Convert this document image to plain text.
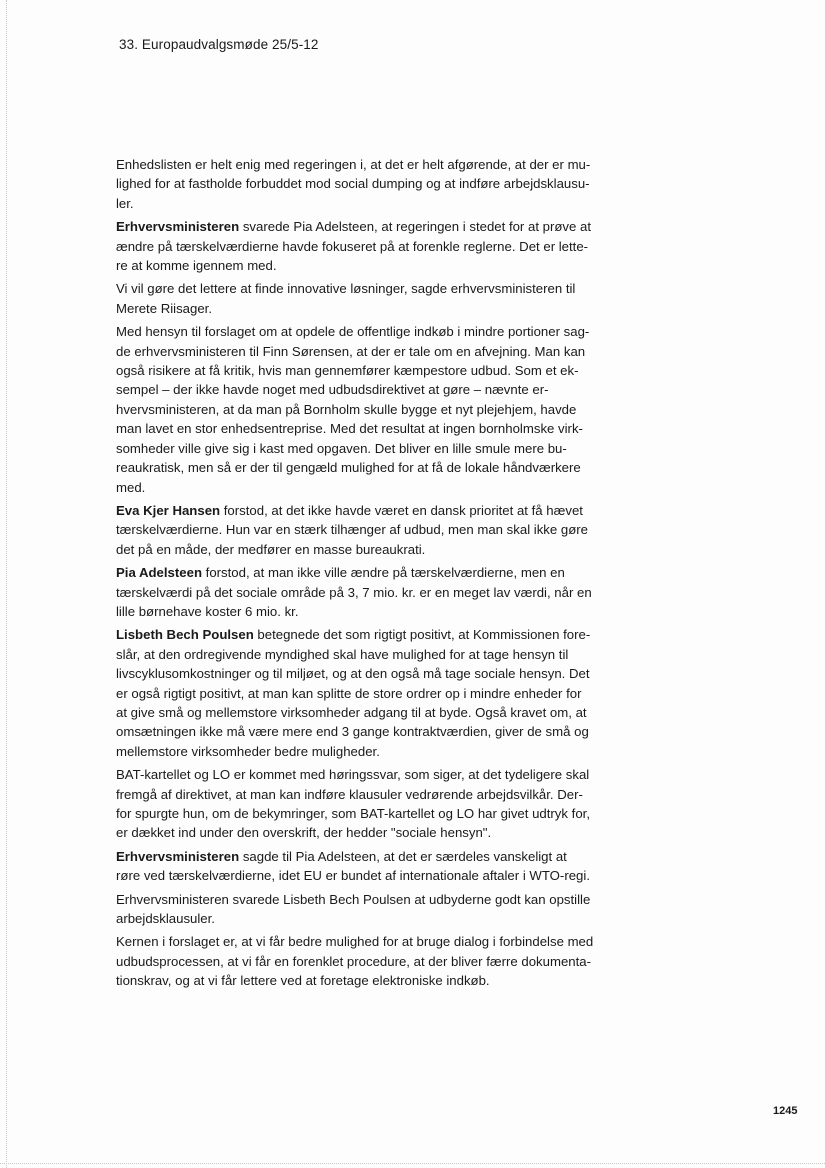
33. Europaudvalgsmøde 25/5-12

Enhedslisten er helt enig med regeringen i, at det er helt afgørende, at der er mu-
lighed for at fastholde forbuddet mod social dumping og at indføre arbejdsklausu-
ler.

Erhvervsministeren svarede Pia Adelsteen, at regeringen i stedet for at prøve at
ændre på tærskelværdierne havde fokuseret på at forenkle reglerne. Det er lette-
re at komme igennem med.

Vi vil gøre det lettere at finde innovative løsninger, sagde erhvervsministeren til
Merete Riisager.

Med hensyn til forslaget om at opdele de offentlige indkøb i mindre portioner sag-
de erhvervsministeren til Finn Sørensen, at der er tale om en afvejning. Man kan
også risikere at få kritik, hvis man gennemfører kæmpestore udbud. Som et ek-
sempel – der ikke havde noget med udbudsdirektivet at gøre – nævnte er-
hvervsministeren, at da man på Bornholm skulle bygge et nyt plejehjem, havde
man lavet en stor enhedsentreprise. Med det resultat at ingen bornholmske virk-
somheder ville give sig i kast med opgaven. Det bliver en lille smule mere bu-
reaukratisk, men så er der til gengæld mulighed for at få de lokale håndværkere
med.

Eva Kjer Hansen forstod, at det ikke havde været en dansk prioritet at få hævet
tærskelværdierne. Hun var en stærk tilhænger af udbud, men man skal ikke gøre
det på en måde, der medfører en masse bureaukrati.

Pia Adelsteen forstod, at man ikke ville ændre på tærskelværdierne, men en
tærskelværdi på det sociale område på 3, 7 mio. kr. er en meget lav værdi, når en
lille børnehave koster 6 mio. kr.

Lisbeth Bech Poulsen betegnede det som rigtigt positivt, at Kommissionen fore-
slår, at den ordregivende myndighed skal have mulighed for at tage hensyn til
livscyklusomkostninger og til miljøet, og at den også må tage sociale hensyn. Det
er også rigtigt positivt, at man kan splitte de store ordrer op i mindre enheder for
at give små og mellemstore virksomheder adgang til at byde. Også kravet om, at
omsætningen ikke må være mere end 3 gange kontraktværdien, giver de små og
mellemstore virksomheder bedre muligheder.

BAT-kartellet og LO er kommet med høringssvar, som siger, at det tydeligere skal
fremgå af direktivet, at man kan indføre klausuler vedrørende arbejdsvilkår. Der-
for spurgte hun, om de bekymringer, som BAT-kartellet og LO har givet udtryk for,
er dækket ind under den overskrift, der hedder "sociale hensyn".

Erhvervsministeren sagde til Pia Adelsteen, at det er særdeles vanskeligt at
røre ved tærskelværdierne, idet EU er bundet af internationale aftaler i WTO-regi.

Erhvervsministeren svarede Lisbeth Bech Poulsen at udbyderne godt kan opstille
arbejdsklausuler.

Kernen i forslaget er, at vi får bedre mulighed for at bruge dialog i forbindelse med
udbudsprocessen, at vi får en forenklet procedure, at der bliver færre dokumenta-
tionskrav, og at vi får lettere ved at foretage elektroniske indkøb.

1245
